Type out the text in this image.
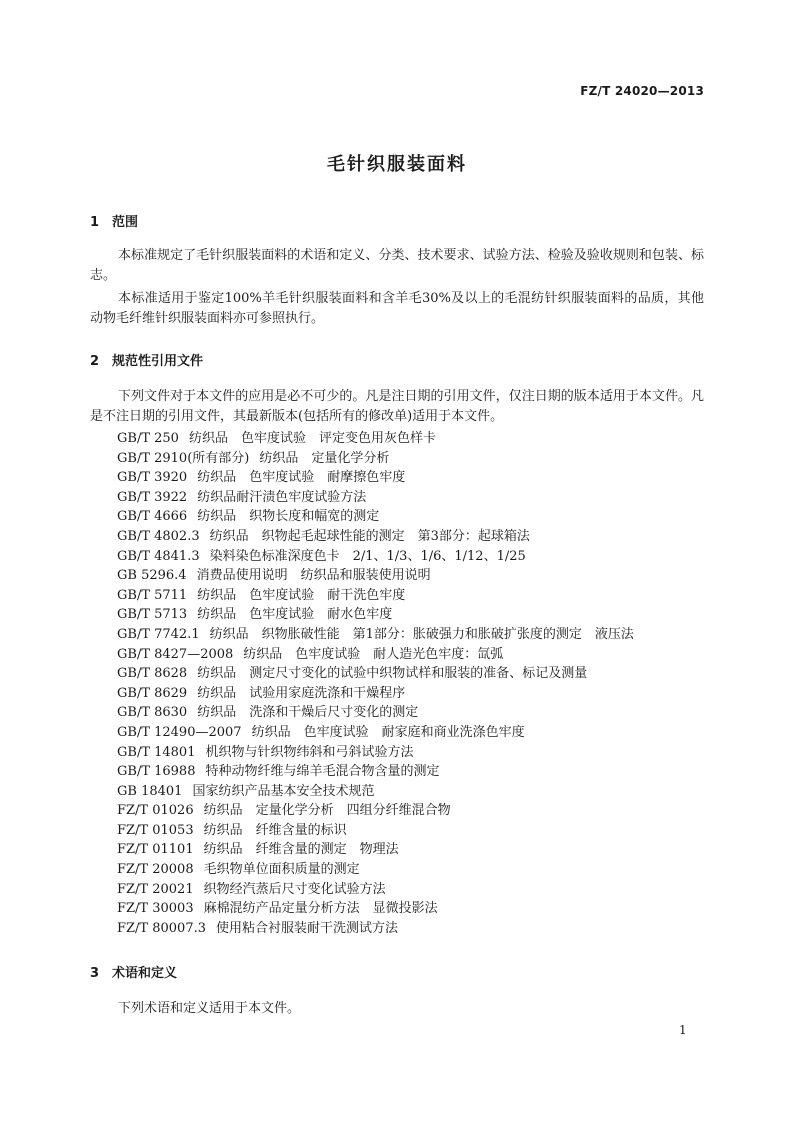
FZ/T 24020—2013
毛针织服装面料
1 范围
本标准规定了毛针织服装面料的术语和定义、分类、技术要求、试验方法、检验及验收规则和包装、标志。
本标准适用于鉴定100%羊毛针织服装面料和含羊毛30%及以上的毛混纺针织服装面料的品质，其他动物毛纤维针织服装面料亦可参照执行。
2 规范性引用文件
下列文件对于本文件的应用是必不可少的。凡是注日期的引用文件，仅注日期的版本适用于本文件。凡是不注日期的引用文件，其最新版本(包括所有的修改单)适用于本文件。
GB/T 250 纺织品　色牢度试验　评定变色用灰色样卡
GB/T 2910(所有部分) 纺织品　定量化学分析
GB/T 3920 纺织品　色牢度试验　耐摩擦色牢度
GB/T 3922 纺织品耐汗渍色牢度试验方法
GB/T 4666 纺织品　织物长度和幅宽的测定
GB/T 4802.3 纺织品　织物起毛起球性能的测定　第3部分：起球箱法
GB/T 4841.3 染料染色标准深度色卡　2/1、1/3、1/6、1/12、1/25
GB 5296.4 消费品使用说明　纺织品和服装使用说明
GB/T 5711 纺织品　色牢度试验　耐干洗色牢度
GB/T 5713 纺织品　色牢度试验　耐水色牢度
GB/T 7742.1 纺织品　织物胀破性能　第1部分：胀破强力和胀破扩张度的测定　液压法
GB/T 8427—2008 纺织品　色牢度试验　耐人造光色牢度：氙弧
GB/T 8628 纺织品　测定尺寸变化的试验中织物试样和服装的准备、标记及测量
GB/T 8629 纺织品　试验用家庭洗涤和干燥程序
GB/T 8630 纺织品　洗涤和干燥后尺寸变化的测定
GB/T 12490—2007 纺织品　色牢度试验　耐家庭和商业洗涤色牢度
GB/T 14801 机织物与针织物纬斜和弓斜试验方法
GB/T 16988 特种动物纤维与绵羊毛混合物含量的测定
GB 18401 国家纺织产品基本安全技术规范
FZ/T 01026 纺织品　定量化学分析　四组分纤维混合物
FZ/T 01053 纺织品　纤维含量的标识
FZ/T 01101 纺织品　纤维含量的测定　物理法
FZ/T 20008 毛织物单位面积质量的测定
FZ/T 20021 织物经汽蒸后尺寸变化试验方法
FZ/T 30003 麻棉混纺产品定量分析方法　显微投影法
FZ/T 80007.3 使用粘合衬服装耐干洗测试方法
3 术语和定义
下列术语和定义适用于本文件。
1
